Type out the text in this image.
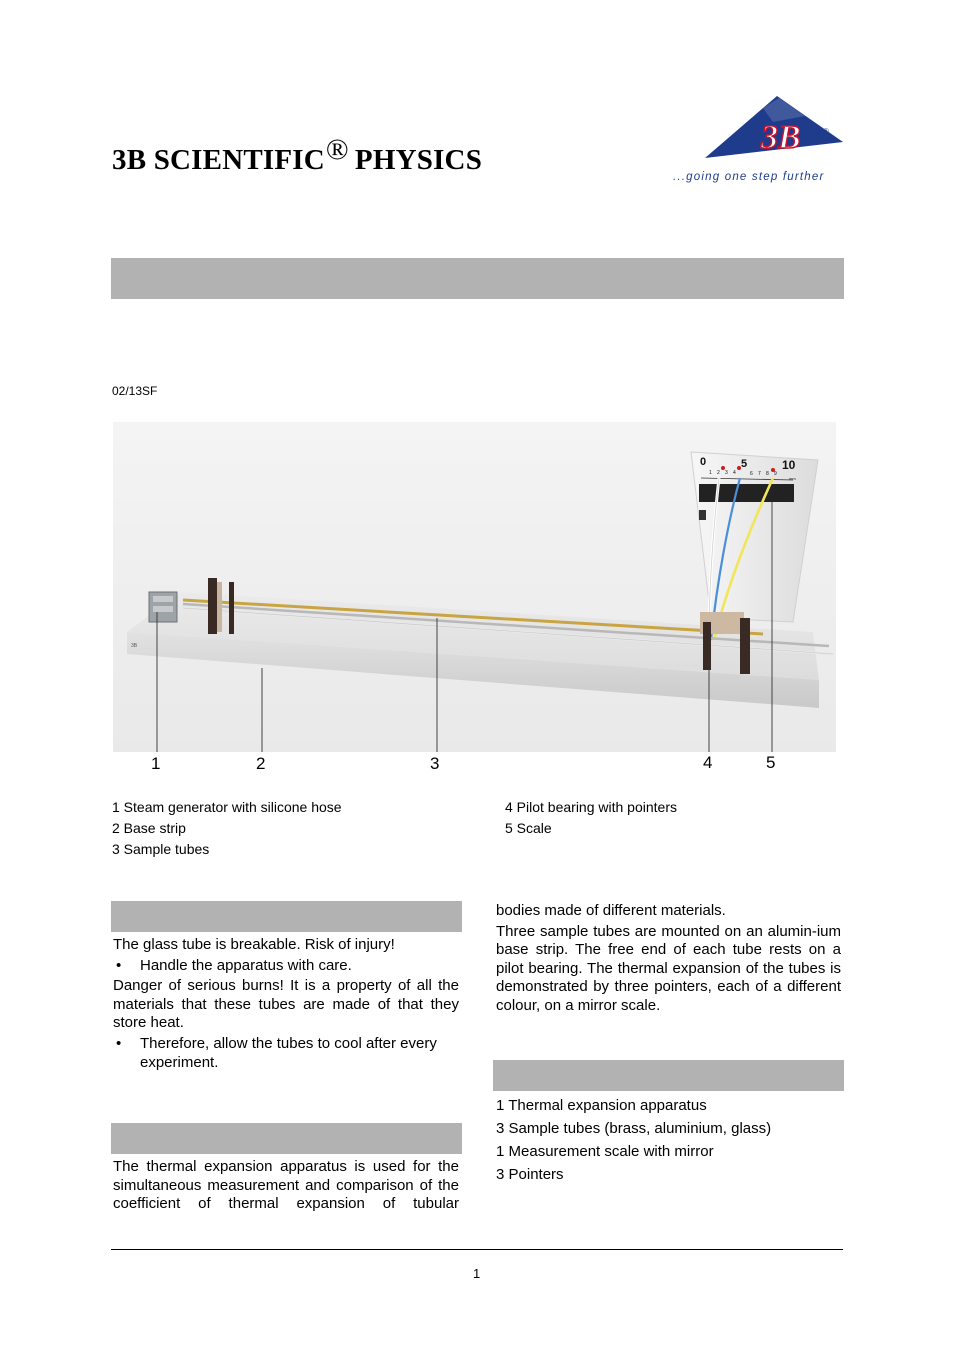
3B SCIENTIFIC® PHYSICS
3B	®
...going one step further
02/13SF
3B
0	5	10
1 2 3 4	6 7 8 9
mm
1	2	3	4	5
1 Steam generator with silicone hose
2 Base strip
3 Sample tubes
4 Pilot bearing with pointers
5 Scale

The glass tube is breakable. Risk of injury!

•	Handle the apparatus with care.

Danger of serious burns! It is a property of all the materials that these tubes are made of that they store heat.

•	Therefore, allow the tubes to cool after every experiment.

The thermal expansion apparatus is used for the simultaneous measurement and comparison of the coefficient of thermal expansion of tubular

bodies made of different materials.

Three sample tubes are mounted on an alumin-ium base strip. The free end of each tube rests on a pilot bearing. The thermal expansion of the tubes is demonstrated by three pointers, each of a different colour, on a mirror scale.

1 Thermal expansion apparatus
3 Sample tubes (brass, aluminium, glass)
1 Measurement scale with mirror
3 Pointers
1
